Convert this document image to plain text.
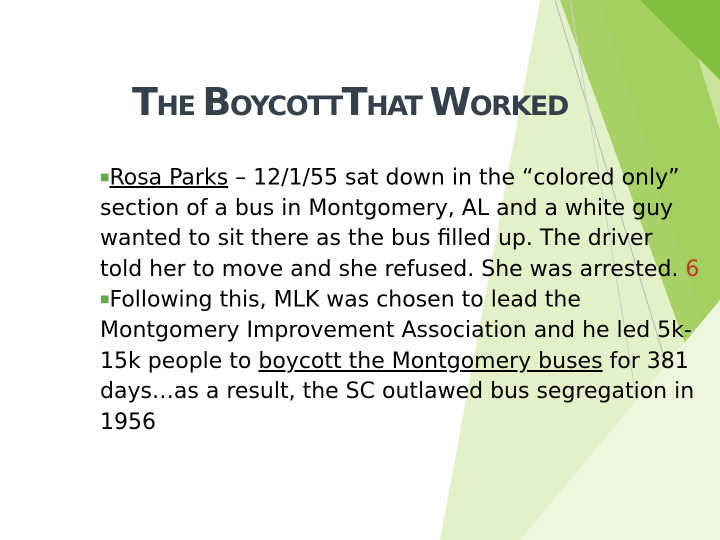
THE BOYCOTTTHAT WORKED

■Rosa Parks – 12/1/55 sat down in the “colored only” section of a bus in Montgomery, AL and a white guy wanted to sit there as the bus filled up. The driver told her to move and she refused. She was arrested. 6

■Following this, MLK was chosen to lead the Montgomery Improvement Association and he led 5k-15k people to boycott the Montgomery buses for 381 days…as a result, the SC outlawed bus segregation in 1956
